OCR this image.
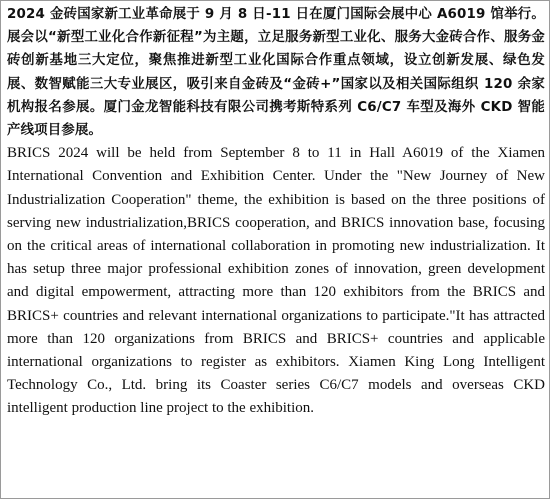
2024 金砖国家新工业革命展于 9 月 8 日-11 日在厦门国际会展中心 A6019 馆举行。展会以“新型工业化合作新征程”为主题，立足服务新型工业化、服务大金砖合作、服务金砖创新基地三大定位，聚焦推进新型工业化国际合作重点领域，设立创新发展、绿色发展、数智赋能三大专业展区，吸引来自金砖及“金砖+”国家以及相关国际组织 120 余家机构报名参展。厦门金龙智能科技有限公司携考斯特系列 C6/C7 车型及海外 CKD 智能产线项目参展。

BRICS 2024 will be held from September 8 to 11 in Hall A6019 of the Xiamen International Convention and Exhibition Center. Under the "New Journey of New Industrialization Cooperation" theme, the exhibition is based on the three positions of serving new industrialization,BRICS cooperation, and BRICS innovation base, focusing on the critical areas of international collaboration in promoting new industrialization. It has setup three major professional exhibition zones of innovation, green development and digital empowerment, attracting more than 120 exhibitors from the BRICS and BRICS+ countries and relevant international organizations to participate."It has attracted more than 120 organizations from BRICS and BRICS+ countries and applicable international organizations to register as exhibitors. Xiamen King Long Intelligent Technology Co., Ltd. bring its Coaster series C6/C7 models and overseas CKD intelligent production line project to the exhibition.
